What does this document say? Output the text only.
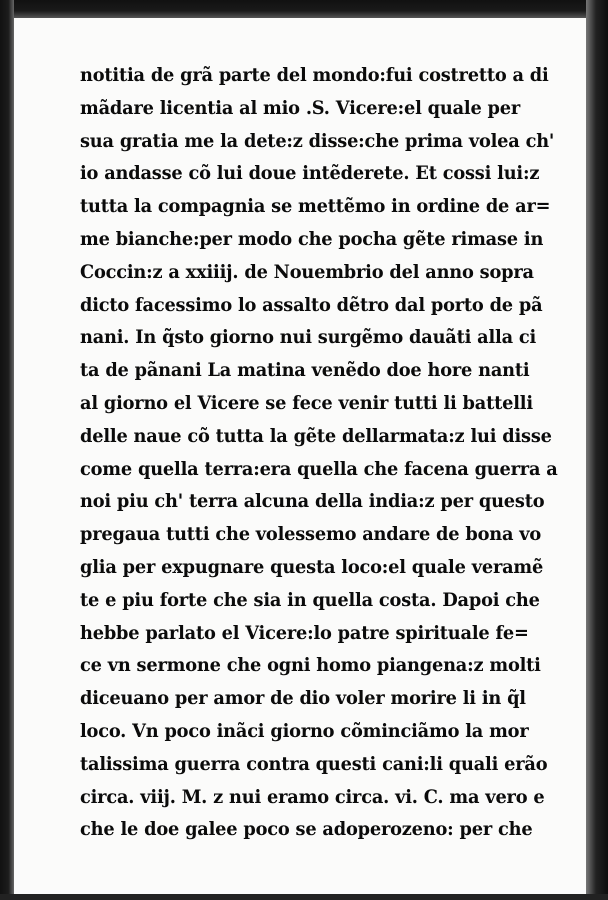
notitia de grã parte del mondo:fui costretto a di
mãdare licentia al mio .S. Vicere:el quale per
sua gratia me la dete:z disse:che prima volea ch'
io andasse cõ lui doue intẽderete. Et cossi lui:z
tutta la compagnia se mettẽmo in ordine de ar=
me bianche:per modo che pocha gẽte rimase in
Coccin:z a xxiiij. de Nouembrio del anno sopra
dicto facessimo lo assalto dẽtro dal porto de pã
nani. In q̃sto giorno nui surgẽmo dauãti alla ci
ta de pãnani La matina venẽdo doe hore nanti
al giorno el Vicere se fece venir tutti li battelli
delle naue cõ tutta la gẽte dellarmata:z lui disse
come quella terra:era quella che facena guerra a
noi piu ch' terra alcuna della india:z per questo
pregaua tutti che volessemo andare de bona vo
glia per expugnare questa loco:el quale veramẽ
te e piu forte che sia in quella costa. Dapoi che
hebbe parlato el Vicere:lo patre spirituale fe=
ce vn sermone che ogni homo piangena:z molti
diceuano per amor de dio voler morire li in q̃l
loco. Vn poco inãci giorno cõminciãmo la mor
talissima guerra contra questi cani:li quali erão
circa. viij. M. z nui eramo circa. vi. C. ma vero e
che le doe galee poco se adoperozeno: per che
